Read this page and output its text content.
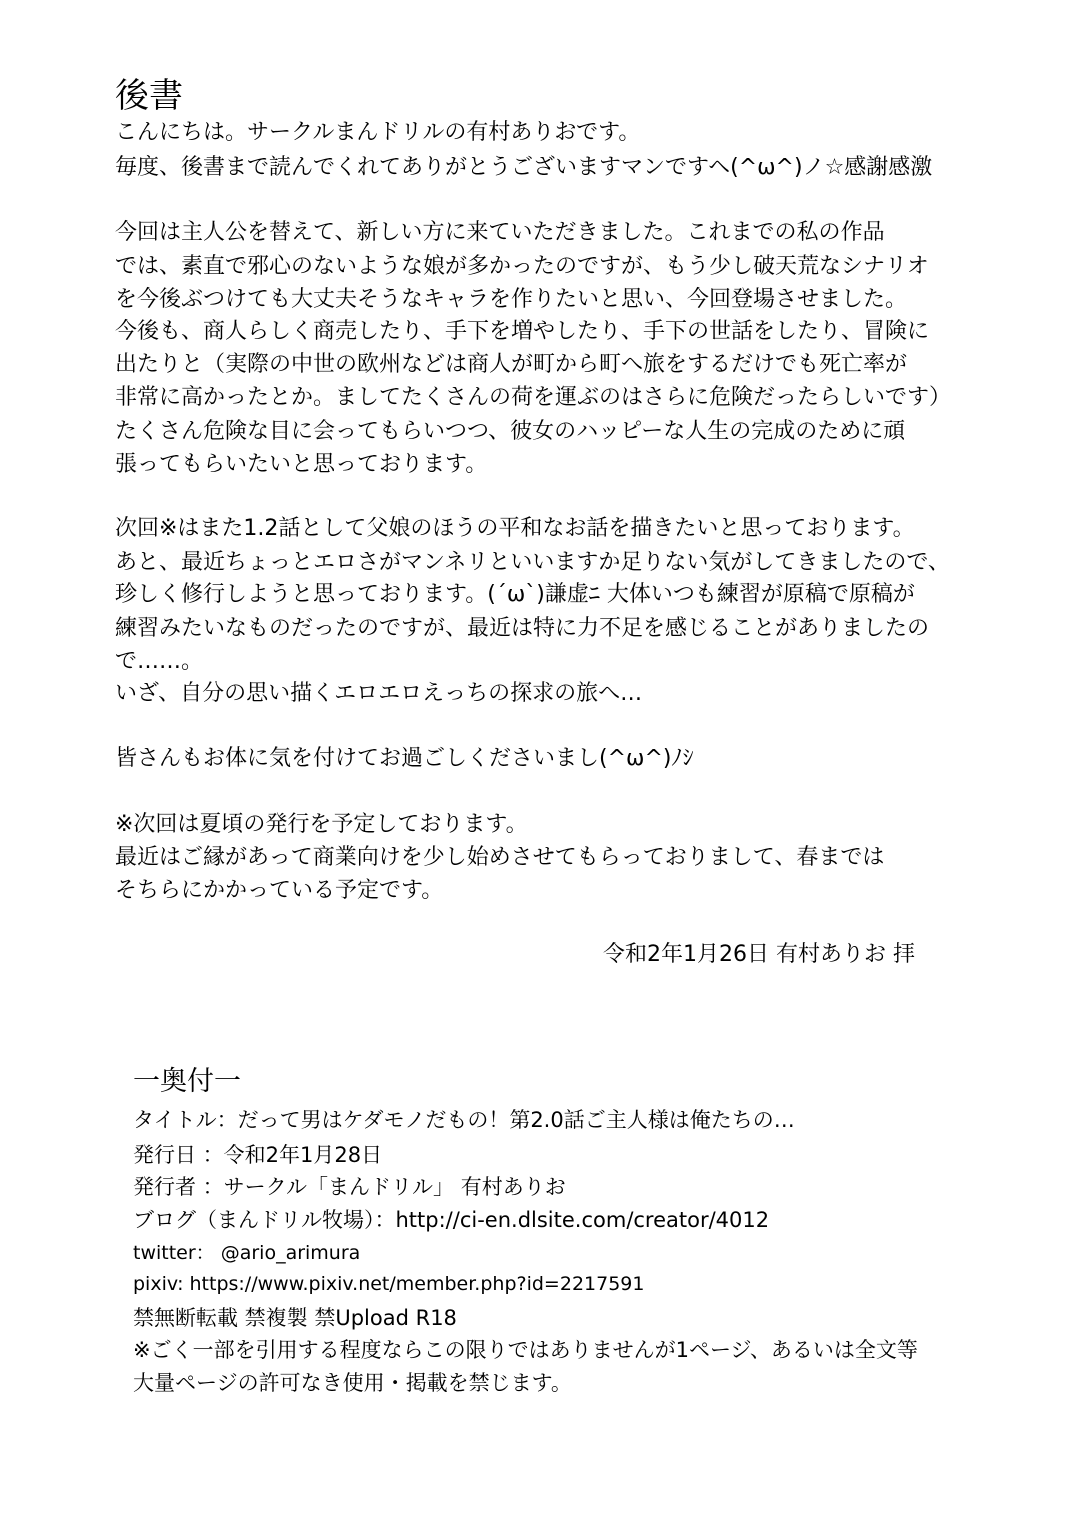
後書
こんにちは。サークルまんドリルの有村ありおです。
毎度、後書まで読んでくれてありがとうございますマンですヘ(^ω^)ノ☆感謝感激
今回は主人公を替えて、新しい方に来ていただきました。これまでの私の作品
では、素直で邪心のないような娘が多かったのですが、もう少し破天荒なシナリオ
を今後ぶつけても大丈夫そうなキャラを作りたいと思い、今回登場させました。
今後も、商人らしく商売したり、手下を増やしたり、手下の世話をしたり、冒険に
出たりと（実際の中世の欧州などは商人が町から町へ旅をするだけでも死亡率が
非常に高かったとか。ましてたくさんの荷を運ぶのはさらに危険だったらしいです）
たくさん危険な目に会ってもらいつつ、彼女のハッピーな人生の完成のために頑
張ってもらいたいと思っております。
次回※はまた1.2話として父娘のほうの平和なお話を描きたいと思っております。
あと、最近ちょっとエロさがマンネリといいますか足りない気がしてきましたので、
珍しく修行しようと思っております。(´ω`)謙虚ﾆ 大体いつも練習が原稿で原稿が
練習みたいなものだったのですが、最近は特に力不足を感じることがありましたの
で……。
いざ、自分の思い描くエロエロえっちの探求の旅へ…
皆さんもお体に気を付けてお過ごしくださいまし(^ω^)ﾉｼ
※次回は夏頃の発行を予定しております。
最近はご縁があって商業向けを少し始めさせてもらっておりまして、春までは
そちらにかかっている予定です。
令和2年1月26日 有村ありお 拝
一奥付一
タイトル：だって男はケダモノだもの！第2.0話ご主人様は俺たちの…
発行日 ：令和2年1月28日
発行者 ：サークル「まんドリル」 有村ありお
ブログ（まんドリル牧場）：http://ci-en.dlsite.com/creator/4012
twitter： @ario_arimura
pixiv: https://www.pixiv.net/member.php?id=2217591
禁無断転載 禁複製 禁Upload R18
※ごく一部を引用する程度ならこの限りではありませんが1ページ、あるいは全文等
大量ページの許可なき使用・掲載を禁じます。
